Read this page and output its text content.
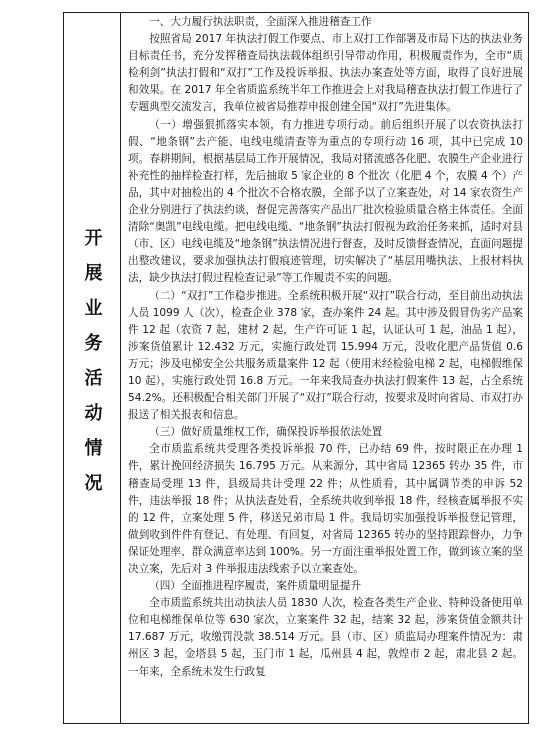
开展业务活动情况

一、大力履行执法职责，全面深入推进稽查工作

按照省局 2017 年执法打假工作要点、市上双打工作部署及市局下达的执法业务目标责任书，充分发挥稽查局执法载体组织引导带动作用，积极履责作为，全市“质检利剑”执法打假和“双打”工作及投诉举报、执法办案查处等方面，取得了良好进展和效果。在 2017 年全省质监系统半年工作推进会上对我局稽查执法打假工作进行了专题典型交流发言，我单位被省局推荐申报创建全国“双打”先进集体。

（一）增强狠抓落实本领，有力推进专项行动。前后组织开展了以农资执法打假、“地条钢”去产能、电线电缆清查等为重点的专项行动 16 项，其中已完成 10 项。春耕期间，根据基层局工作开展情况，我局对猪流感各化肥、农膜生产企业进行补充性的抽样检查打样，先后抽取 5 家企业的 8 个批次（化肥 4 个，农膜 4 个）产品，其中对抽检出的 4 个批次不合格农膜，全部予以了立案查处，对 14 家农资生产企业分别进行了执法约谈，督促完善落实产品出厂批次检验质量合格主体责任。全面清除“奥凯”电线电缆。把电线电缆、“地条钢”执法打假视为政治任务来抓，适时对县（市、区）电线电缆及“地条钢”执法情况进行督查，及时反馈督查情况，直面问题提出整改建议，要求加强执法打假痕迹管理，切实解决了“基层用嘴执法、上报材料执法，缺少执法打假过程检查记录”等工作履责不实的问题。

（二）“双打”工作稳步推进。全系统积极开展“双打”联合行动，至目前出动执法人员 1099 人（次），检查企业 378 家，查办案件 24 起。其中涉及假冒伪劣产品案件 12 起（农资 7 起，建材 2 起，生产许可证 1 起，认证认可 1 起，油品 1 起），涉案货值累计 12.432 万元，实施行政处罚 15.994 万元，没收化肥产品货值 0.6 万元；涉及电梯安全公共服务质量案件 12 起（使用未经检验电梯 2 起，电梯假维保 10 起），实施行政处罚 16.8 万元。一年来我局查办执法打假案件 13 起，占全系统 54.2%。还积极配合相关部门开展了“双打”联合行动，按要求及时向省局、市双打办报送了相关报表和信息。

（三）做好质量维权工作，确保投诉举报依法处置

全市质监系统共受理各类投诉举报 70 件，已办结 69 件，按时限正在办理 1 件，累计挽回经济损失 16.795 万元。从来源分，其中省局 12365 转办 35 件，市稽查局受理 13 件，县级局共计受理 22 件；从性质看，其中属调节类的申诉 52 件，违法举报 18 件；从执法查处看，全系统共收到举报 18 件，经核查属举报不实的 12 件，立案处理 5 件，移送兄弟市局 1 件。我局切实加强投诉举报登记管理，做到收到件件有登记、有处理、有回复，对省局 12365 转办的坚持跟踪督办，力争保证处理率、群众满意率达到 100%。另一方面注重举报处置工作，做到该立案的坚决立案，先后对 3 件举报违法线索予以立案查处。

（四）全面推进程序履责，案件质量明显提升

全市质监系统共出动执法人员 1830 人次，检查各类生产企业、特种设备使用单位和电梯维保单位等 630 家次，立案案件 32 起，结案 32 起，涉案货值金额共计 17.687 万元，收缴罚没款 38.514 万元。县（市、区）质监局办理案件情况为：肃州区 3 起，金塔县 5 起，玉门市 1 起，瓜州县 4 起，敦煌市 2 起，肃北县 2 起。一年来，全系统未发生行政复
